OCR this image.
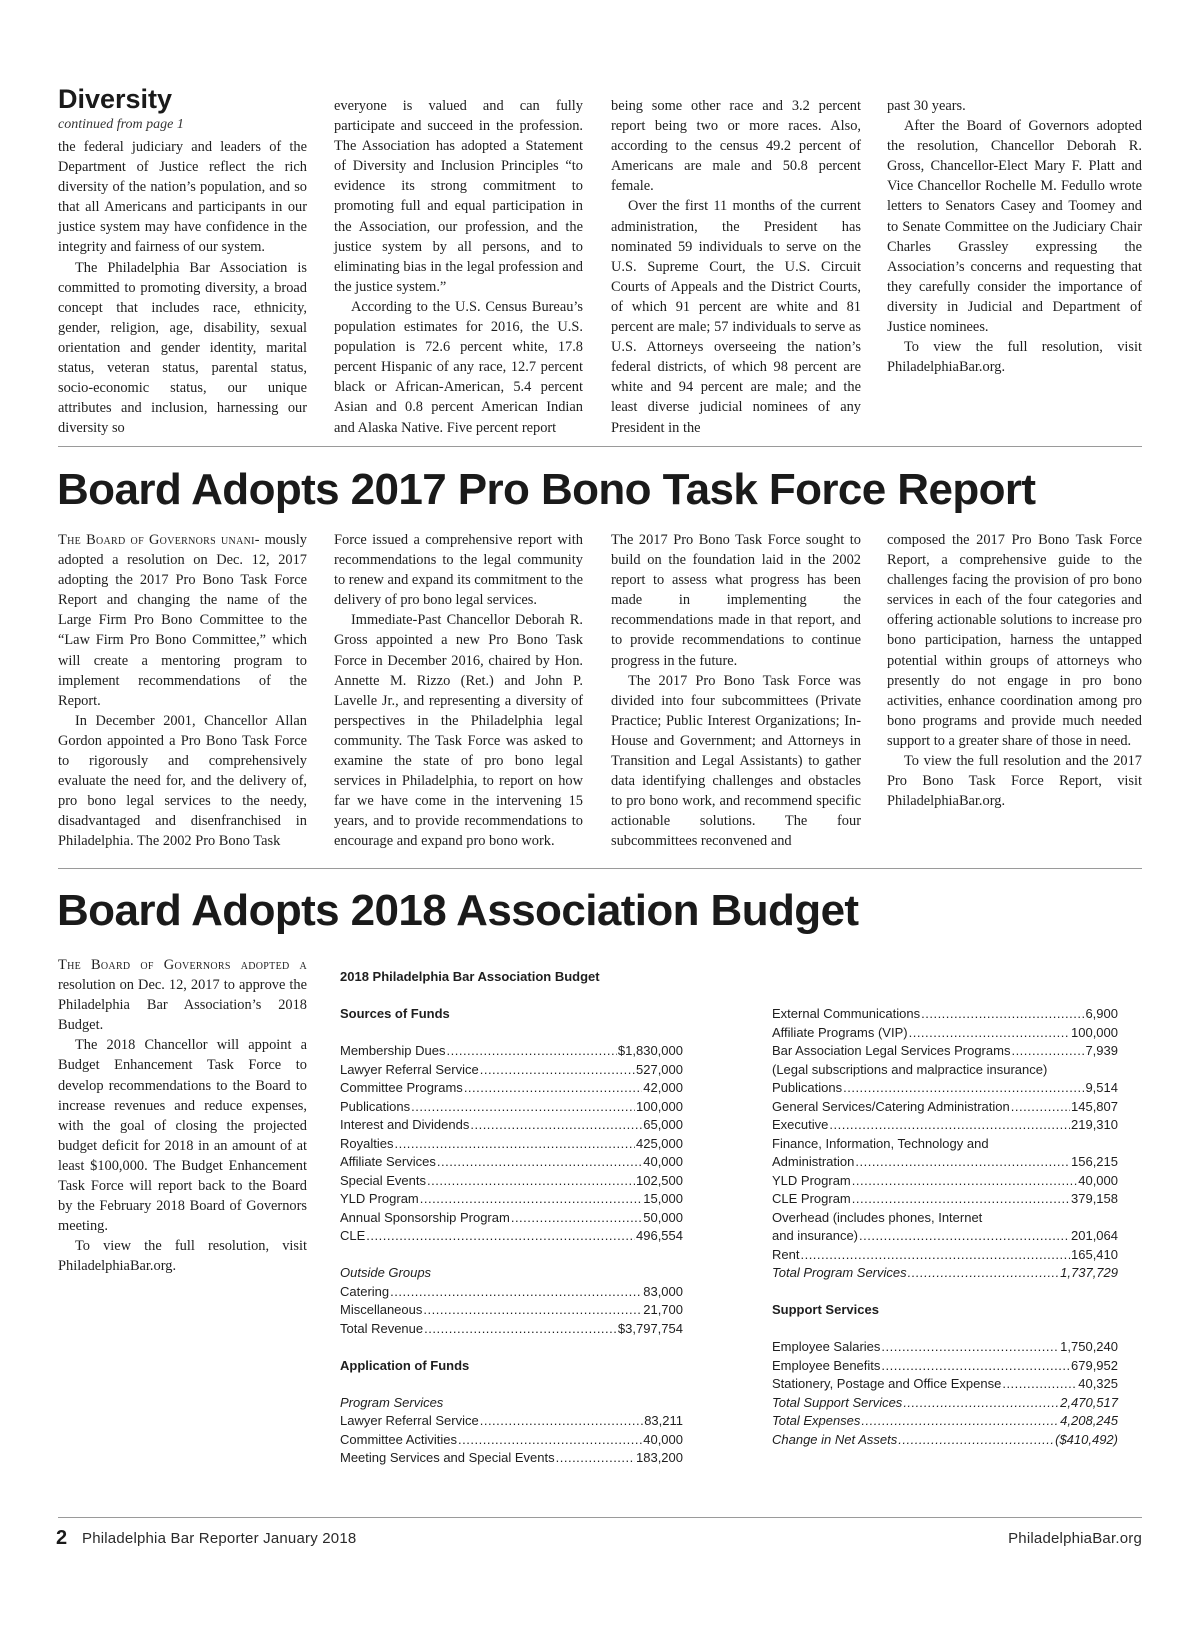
Diversity
continued from page 1

the federal judiciary and leaders of the Department of Justice reflect the rich diversity of the nation’s population, and so that all Americans and participants in our justice system may have confidence in the integrity and fairness of our system.

The Philadelphia Bar Association is committed to promoting diversity, a broad concept that includes race, ethnicity, gender, religion, age, disability, sexual orientation and gender identity, marital status, veteran status, parental status, socio-economic status, our unique attributes and inclusion, harnessing our diversity so

everyone is valued and can fully participate and succeed in the profession. The Association has adopted a Statement of Diversity and Inclusion Principles “to evidence its strong commitment to promoting full and equal participation in the Association, our profession, and the justice system by all persons, and to eliminating bias in the legal profession and the justice system.”

According to the U.S. Census Bureau’s population estimates for 2016, the U.S. population is 72.6 percent white, 17.8 percent Hispanic of any race, 12.7 percent black or African-American, 5.4 percent Asian and 0.8 percent American Indian and Alaska Native. Five percent report

being some other race and 3.2 percent report being two or more races. Also, according to the census 49.2 percent of Americans are male and 50.8 percent female.

Over the first 11 months of the current administration, the President has nominated 59 individuals to serve on the U.S. Supreme Court, the U.S. Circuit Courts of Appeals and the District Courts, of which 91 percent are white and 81 percent are male; 57 individuals to serve as U.S. Attorneys overseeing the nation’s federal districts, of which 98 percent are white and 94 percent are male; and the least diverse judicial nominees of any President in the

past 30 years.

After the Board of Governors adopted the resolution, Chancellor Deborah R. Gross, Chancellor-Elect Mary F. Platt and Vice Chancellor Rochelle M. Fedullo wrote letters to Senators Casey and Toomey and to Senate Committee on the Judiciary Chair Charles Grassley expressing the Association’s concerns and requesting that they carefully consider the importance of diversity in Judicial and Department of Justice nominees.

To view the full resolution, visit PhiladelphiaBar.org.

Board Adopts 2017 Pro Bono Task Force Report

The Board of Governors unani- mously adopted a resolution on Dec. 12, 2017 adopting the 2017 Pro Bono Task Force Report and changing the name of the Large Firm Pro Bono Committee to the “Law Firm Pro Bono Committee,” which will create a mentoring program to implement recommendations of the Report.

In December 2001, Chancellor Allan Gordon appointed a Pro Bono Task Force to rigorously and comprehensively evaluate the need for, and the delivery of, pro bono legal services to the needy, disadvantaged and disenfranchised in Philadelphia. The 2002 Pro Bono Task

Force issued a comprehensive report with recommendations to the legal community to renew and expand its commitment to the delivery of pro bono legal services.

Immediate-Past Chancellor Deborah R. Gross appointed a new Pro Bono Task Force in December 2016, chaired by Hon. Annette M. Rizzo (Ret.) and John P. Lavelle Jr., and representing a diversity of perspectives in the Philadelphia legal community. The Task Force was asked to examine the state of pro bono legal services in Philadelphia, to report on how far we have come in the intervening 15 years, and to provide recommendations to encourage and expand pro bono work.

The 2017 Pro Bono Task Force sought to build on the foundation laid in the 2002 report to assess what progress has been made in implementing the recommendations made in that report, and to provide recommendations to continue progress in the future.

The 2017 Pro Bono Task Force was divided into four subcommittees (Private Practice; Public Interest Organizations; In-House and Government; and Attorneys in Transition and Legal Assistants) to gather data identifying challenges and obstacles to pro bono work, and recommend specific actionable solutions. The four subcommittees reconvened and

composed the 2017 Pro Bono Task Force Report, a comprehensive guide to the challenges facing the provision of pro bono services in each of the four categories and offering actionable solutions to increase pro bono participation, harness the untapped potential within groups of attorneys who presently do not engage in pro bono activities, enhance coordination among pro bono programs and provide much needed support to a greater share of those in need.

To view the full resolution and the 2017 Pro Bono Task Force Report, visit PhiladelphiaBar.org.

Board Adopts 2018 Association Budget

The Board of Governors adopted a resolution on Dec. 12, 2017 to approve the Philadelphia Bar Association’s 2018 Budget.

The 2018 Chancellor will appoint a Budget Enhancement Task Force to develop recommendations to the Board to increase revenues and reduce expenses, with the goal of closing the projected budget deficit for 2018 in an amount of at least $100,000. The Budget Enhancement Task Force will report back to the Board by the February 2018 Board of Governors meeting.

To view the full resolution, visit PhiladelphiaBar.org.

2018 Philadelphia Bar Association Budget
Sources of Funds
Membership Dues .....	$1,830,000
Lawyer Referral Service .....	527,000
Committee Programs .....	42,000
Publications .....	100,000
Interest and Dividends .....	65,000
Royalties .....	425,000
Affiliate Services .....	40,000
Special Events .....	102,500
YLD Program .....	15,000
Annual Sponsorship Program .....	50,000
CLE .....	496,554
Outside Groups
Catering .....	83,000
Miscellaneous .....	21,700
Total Revenue .....	$3,797,754
Application of Funds
Program Services
Lawyer Referral Service .....	83,211
Committee Activities .....	40,000
Meeting Services and Special Events .....	183,200
External Communications .....	6,900
Affiliate Programs (VIP) .....	100,000
Bar Association Legal Services Programs .....	7,939
(Legal subscriptions and malpractice insurance)
Publications .....	9,514
General Services/Catering Administration .....	145,807
Executive .....	219,310
Finance, Information, Technology and
Administration .....	156,215
YLD Program .....	40,000
CLE Program .....	379,158
Overhead (includes phones, Internet
and insurance) .....	201,064
Rent .....	165,410
Total Program Services .....	1,737,729
Support Services
Employee Salaries .....	1,750,240
Employee Benefits .....	679,952
Stationery, Postage and Office Expense .....	40,325
Total Support Services .....	2,470,517
Total Expenses .....	4,208,245
Change in Net Assets .....	($410,492)
2 Philadelphia Bar Reporter January 2018	PhiladelphiaBar.org
